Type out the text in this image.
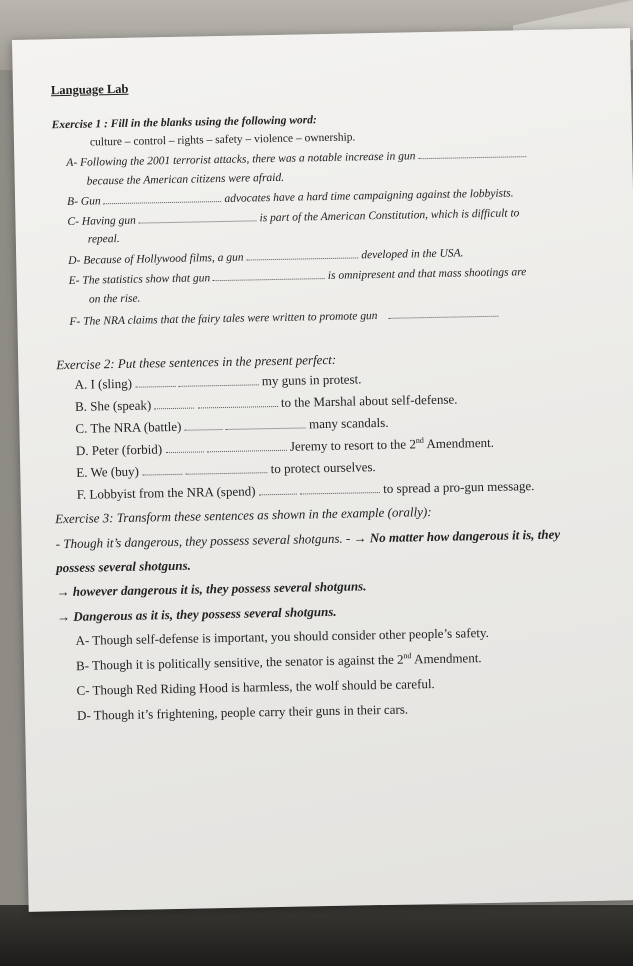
Language Lab
Exercise 1 : Fill in the blanks using the following word:
culture – control – rights – safety – violence – ownership.
A- Following the 2001 terrorist attacks, there was a notable increase in gun
because the American citizens were afraid.
B- Gun	advocates have a hard time campaigning against the lobbyists.
C- Having gun	is part of the American Constitution, which is difficult to
repeal.
D- Because of Hollywood films, a gun	developed in the USA.
E- The statistics show that gun	is omnipresent and that mass shootings are
on the rise.
F- The NRA claims that the fairy tales were written to promote gun
Exercise 2: Put these sentences in the present perfect:
A. I (sling)	my guns in protest.
B. She (speak)	to the Marshal about self-defense.
C. The NRA (battle)	many scandals.
D. Peter (forbid)	Jeremy to resort to the 2nd Amendment.
E. We (buy)	to protect ourselves.
F. Lobbyist from the NRA (spend)	to spread a pro-gun message.
Exercise 3: Transform these sentences as shown in the example (orally):
- Though it’s dangerous, they possess several shotguns. - → No matter how dangerous it is, they
possess several shotguns.
→ however dangerous it is, they possess several shotguns.
→ Dangerous as it is, they possess several shotguns.
A- Though self-defense is important, you should consider other people’s safety.
B- Though it is politically sensitive, the senator is against the 2nd Amendment.
C- Though Red Riding Hood is harmless, the wolf should be careful.
D- Though it’s frightening, people carry their guns in their cars.
